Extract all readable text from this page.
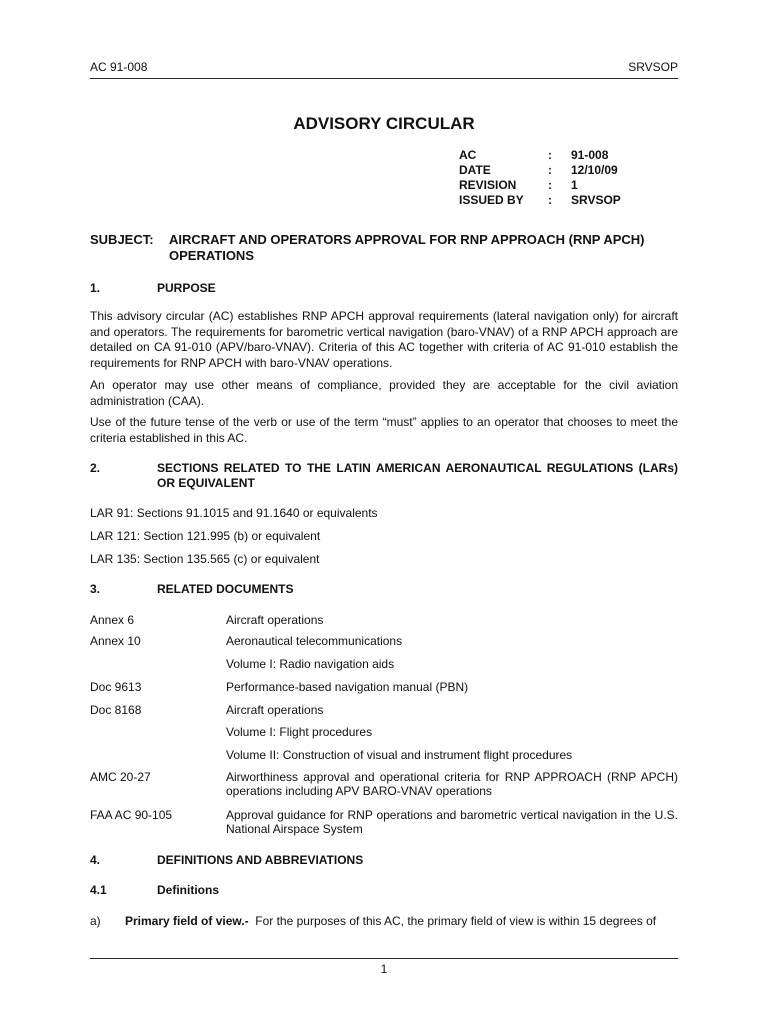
AC 91-008	SRVSOP
ADVISORY CIRCULAR
AC	:	91-008
DATE	:	12/10/09
REVISION	:	1
ISSUED BY	:	SRVSOP
SUBJECT: AIRCRAFT AND OPERATORS APPROVAL FOR RNP APPROACH (RNP APCH) OPERATIONS
1.	PURPOSE

This advisory circular (AC) establishes RNP APCH approval requirements (lateral navigation only) for aircraft and operators. The requirements for barometric vertical navigation (baro-VNAV) of a RNP APCH approach are detailed on CA 91-010 (APV/baro-VNAV). Criteria of this AC together with criteria of AC 91-010 establish the requirements for RNP APCH with baro-VNAV operations.

An operator may use other means of compliance, provided they are acceptable for the civil aviation administration (CAA).

Use of the future tense of the verb or use of the term “must” applies to an operator that chooses to meet the criteria established in this AC.

2.	SECTIONS RELATED TO THE LATIN AMERICAN AERONAUTICAL REGULATIONS (LARs) OR EQUIVALENT
LAR 91: Sections 91.1015 and 91.1640 or equivalents
LAR 121: Section 121.995 (b) or equivalent
LAR 135: Section 135.565 (c) or equivalent
3.	RELATED DOCUMENTS
Annex 6	Aircraft operations
Annex 10	Aeronautical telecommunications
Volume I: Radio navigation aids
Doc 9613	Performance-based navigation manual (PBN)
Doc 8168	Aircraft operations
Volume I: Flight procedures
Volume II: Construction of visual and instrument flight procedures
AMC 20-27	Airworthiness approval and operational criteria for RNP APPROACH (RNP APCH) operations including APV BARO-VNAV operations
FAA AC 90-105	Approval guidance for RNP operations and barometric vertical navigation in the U.S. National Airspace System
4.	DEFINITIONS AND ABBREVIATIONS
4.1	Definitions
a) Primary field of view.- For the purposes of this AC, the primary field of view is within 15 degrees of
1
